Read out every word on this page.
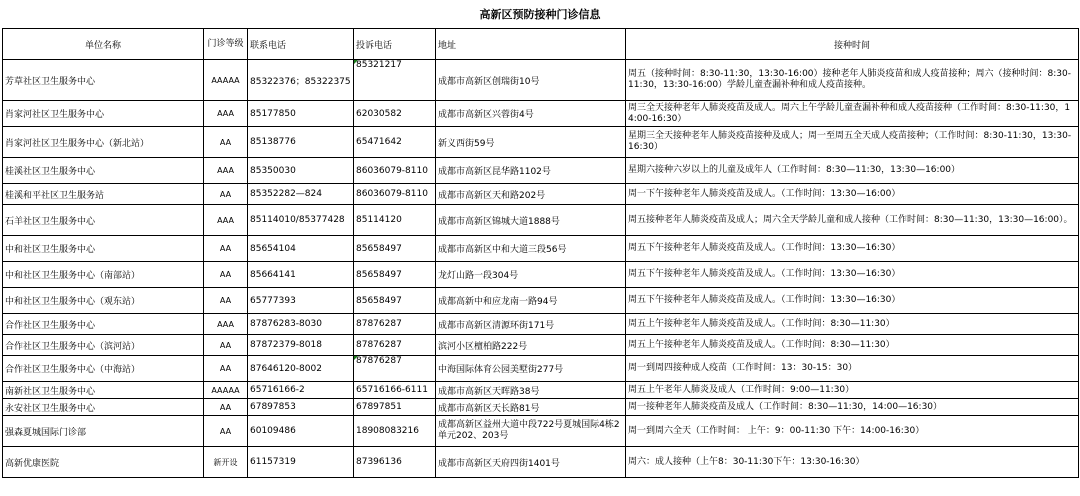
高新区预防接种门诊信息
单位名称	门诊等级	联系电话	投诉电话	地址	接种时间
芳草社区卫生服务中心	AAAAA	85322376；85322375	85321217	成都市高新区创瑞街10号	周五（接种时间：8:30-11:30，13:30-16:00）接种老年人肺炎疫苗和成人疫苗接种；周六（接种时间：8:30-11:30，13:30-16:00）学龄儿童查漏补种和成人疫苗接种。
肖家河社区卫生服务中心	AAA	85177850	62030582	成都市高新区兴蓉街4号	周三全天接种老年人肺炎疫苗及成人。周六上午学龄儿童查漏补种和成人疫苗接种（工作时间：8:30-11:30，14:00-16:30）
肖家河社区卫生服务中心（新北站）	AA	85138776	65471642	新义西街59号	星期三全天接种老年人肺炎疫苗接种及成人；周一至周五全天成人疫苗接种；（工作时间：8:30-11:30，13:30-16:30）
桂溪社区卫生服务中心	AAA	85350030	86036079-8110	成都市高新区昆华路1102号	星期六接种六岁以上的儿童及成年人（工作时间：8:30—11:30，13:30—16:00）
桂溪和平社区卫生服务站	AA	85352282—824	86036079-8110	成都市高新区天和路202号	周一下午接种老年人肺炎疫苗及成人。（工作时间：13:30—16:00）
石羊社区卫生服务中心	AAA	85114010/85377428	85114120	成都市高新区锦城大道1888号	周五接种老年人肺炎疫苗及成人；周六全天学龄儿童和成人接种（工作时间：8:30—11:30，13:30—16:00）。
中和社区卫生服务中心	AA	85654104	85658497	成都市高新区中和大道三段56号	周五下午接种老年人肺炎疫苗及成人。（工作时间：13:30—16:30）
中和社区卫生服务中心（南部站）	AA	85664141	85658497	龙灯山路一段304号	周五下午接种老年人肺炎疫苗及成人。（工作时间：13:30—16:30）
中和社区卫生服务中心（观东站）	AA	65777393	85658497	成都高新中和应龙南一路94号	周五下午接种老年人肺炎疫苗及成人。（工作时间：13:30—16:30）
合作社区卫生服务中心	AAA	87876283-8030	87876287	成都市高新区清源环街171号	周五上午接种老年人肺炎疫苗及成人。（工作时间：8:30—11:30）
合作社区卫生服务中心（滨河站）	AA	87872379-8018	87876287	滨河小区檀柏路222号	周五上午接种老年人肺炎疫苗及成人。（工作时间：8:30—11:30）
合作社区卫生服务中心（中海站）	AA	87646120-8002	87876287	中海国际体育公园美墅街277号	周一到周四接种成人疫苗（工作时间：13：30-15：30）
南新社区卫生服务中心	AAAAA	65716166-2	65716166-6111	成都市高新区天晖路38号	周五上午老年人肺炎及成人（工作时间：9:00—11:30）
永安社区卫生服务中心	AA	67897853	67897851	成都市高新区天长路81号	周一接种老年人肺炎疫苗及成人（工作时间：8:30—11:30，14:00—16:30）
强森夏城国际门诊部	AA	60109486	18908083216	成都高新区益州大道中段722号夏城国际4栋2单元202、203号	周一到周六全天（工作时间： 上午：9：00-11:30 下午：14:00-16:30）
高新优康医院	新开设	61157319	87396136	成都市高新区天府四街1401号	周六：成人接种（上午8：30-11:30下午：13:30-16:30）
